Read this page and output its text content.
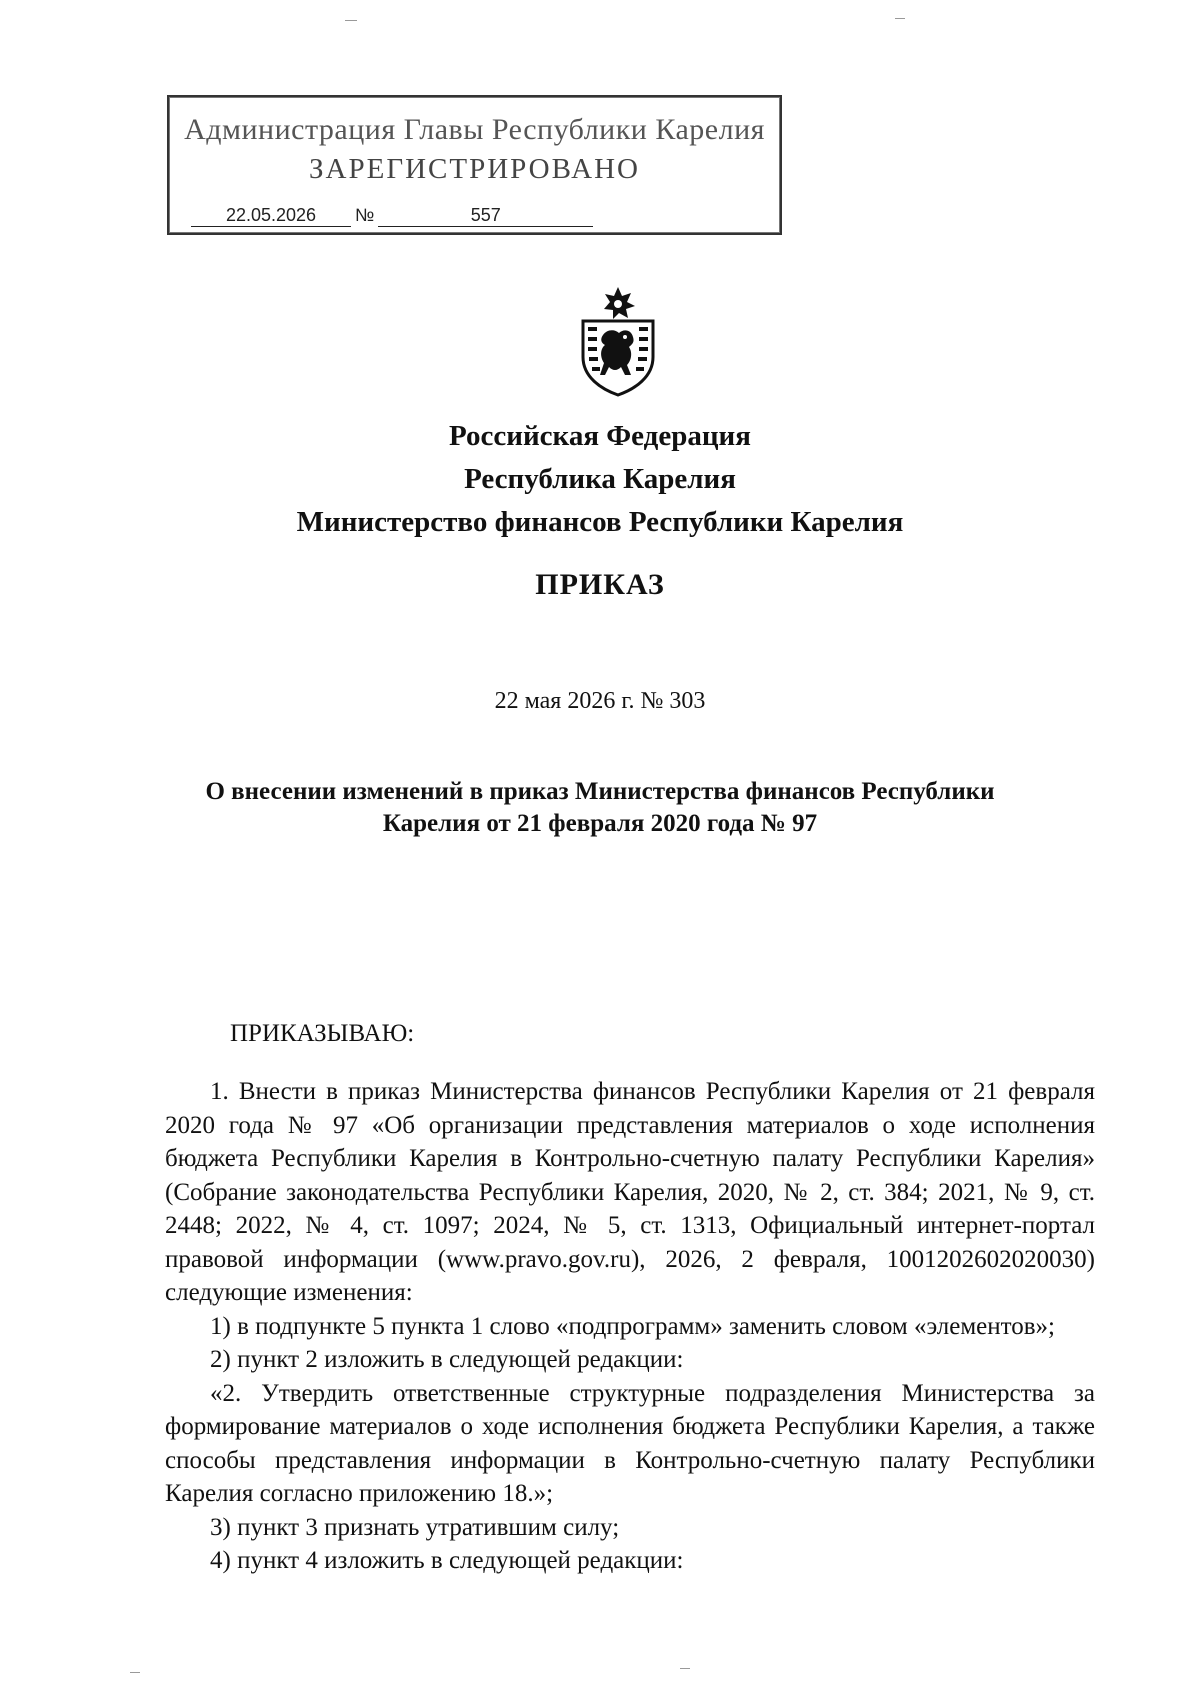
Администрация Главы Республики Карелия
ЗАРЕГИСТРИРОВАНО
22.05.2026 №	557
Российская Федерация
Республика Карелия
Министерство финансов Республики Карелия
ПРИКАЗ
22 мая 2026 г. № 303
О внесении изменений в приказ Министерства финансов Республики
Карелия от 21 февраля 2020 года № 97
ПРИКАЗЫВАЮ:

1. Внести в приказ Министерства финансов Республики Карелия от 21 февраля 2020 года № 97 «Об организации представления материалов о ходе исполнения бюджета Республики Карелия в Контрольно-счетную палату Республики Карелия» (Собрание законодательства Республики Карелия, 2020, № 2, ст. 384; 2021, № 9, ст. 2448; 2022, № 4, ст. 1097; 2024, № 5, ст. 1313, Официальный интернет-портал правовой информации (www.pravo.gov.ru), 2026, 2 февраля, 1001202602020030) следующие изменения:

1) в подпункте 5 пункта 1 слово «подпрограмм» заменить словом «элементов»;

2) пункт 2 изложить в следующей редакции:

«2. Утвердить ответственные структурные подразделения Министерства за формирование материалов о ходе исполнения бюджета Республики Карелия, а также способы представления информации в Контрольно-счетную палату Республики Карелия согласно приложению 18.»;

3) пункт 3 признать утратившим силу;

4) пункт 4 изложить в следующей редакции:
